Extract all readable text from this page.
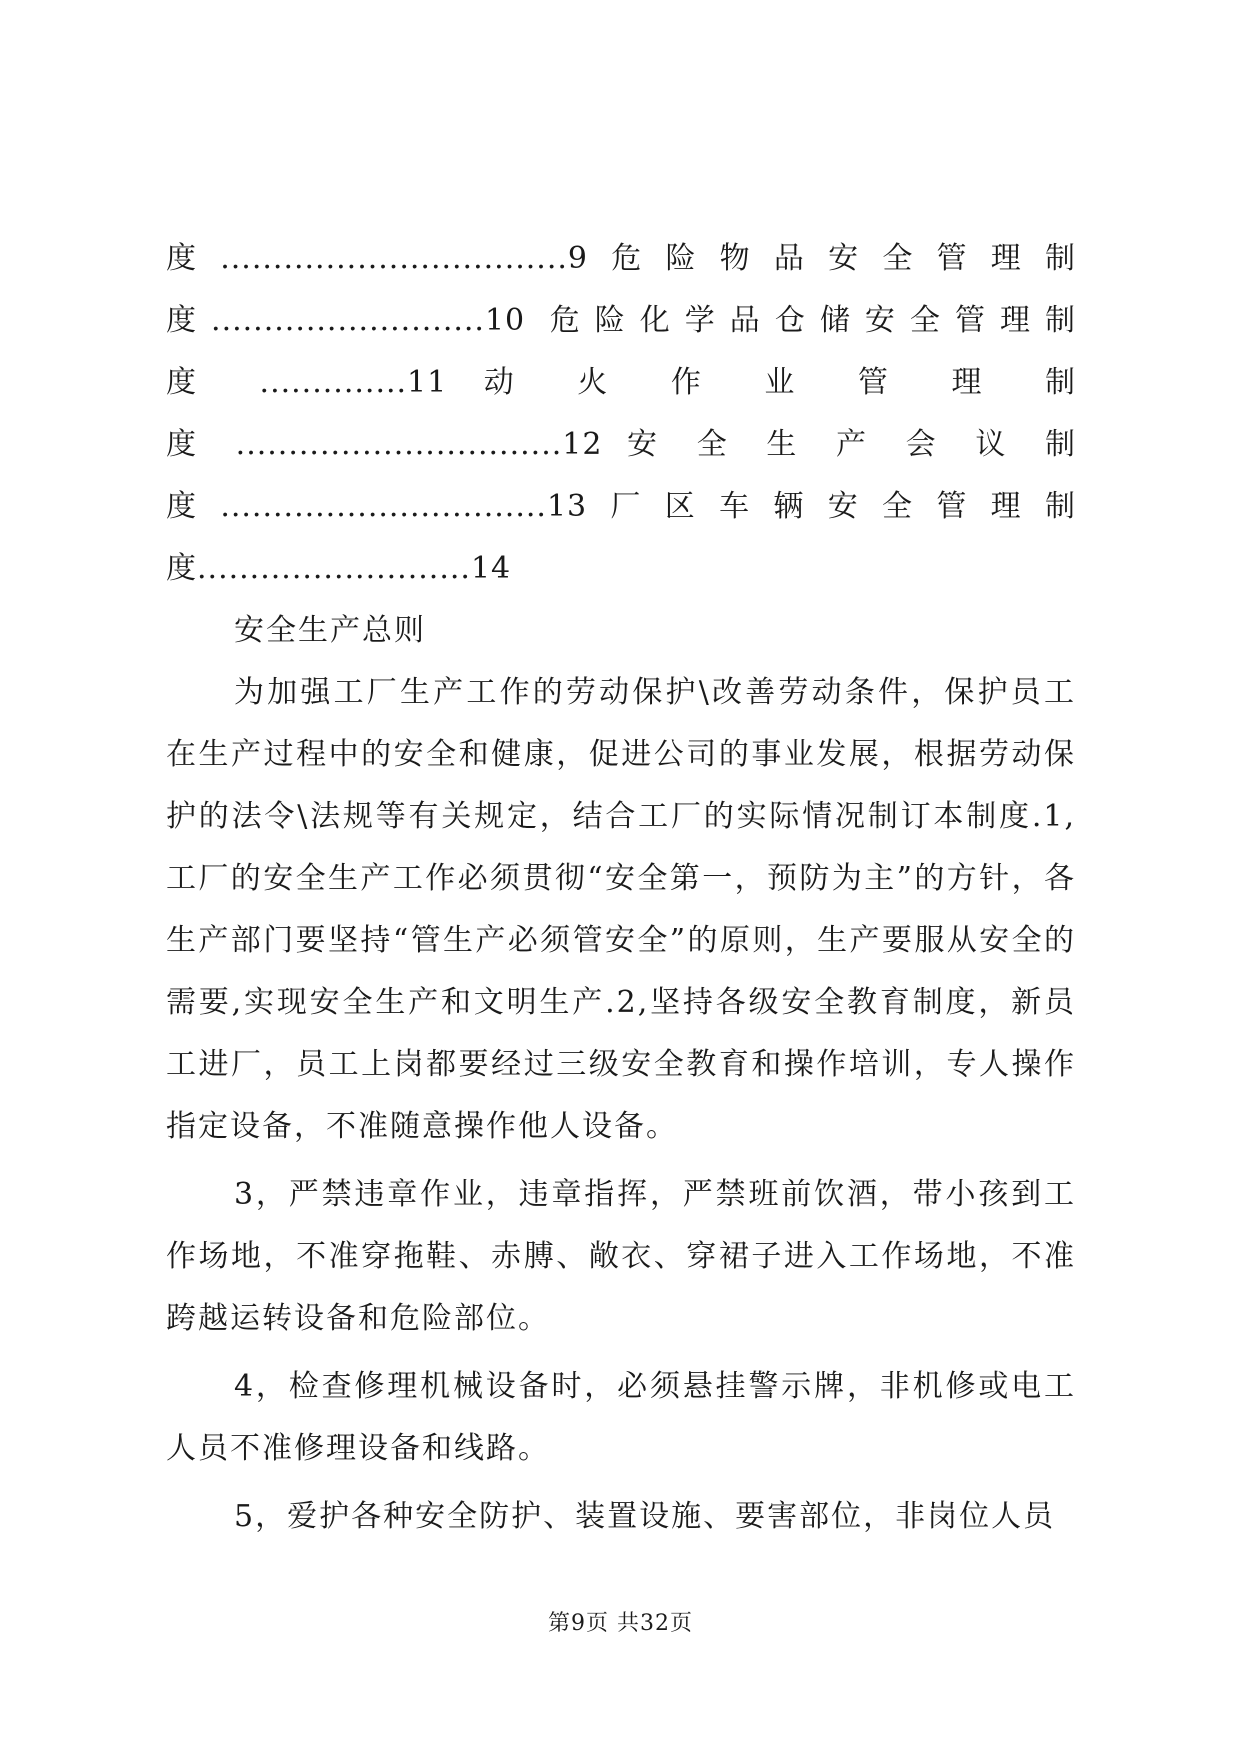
度.................................9危险物品安全管理制
度..........................10 危险化学品仓储安全管理制
度 ..............11 动 火 作 业 管 理 制
度 ...............................12 安 全 生 产 会 议 制
度...............................13厂区车辆安全管理制
度..........................14

安全生产总则

为加强工厂生产工作的劳动保护\改善劳动条件，保护员工在生产过程中的安全和健康，促进公司的事业发展，根据劳动保护的法令\法规等有关规定，结合工厂的实际情况制订本制度.1,工厂的安全生产工作必须贯彻“安全第一，预防为主”的方针，各生产部门要坚持“管生产必须管安全”的原则，生产要服从安全的需要,实现安全生产和文明生产.2,坚持各级安全教育制度，新员工进厂，员工上岗都要经过三级安全教育和操作培训，专人操作指定设备，不准随意操作他人设备。

3，严禁违章作业，违章指挥，严禁班前饮酒，带小孩到工作场地，不准穿拖鞋、赤膊、敞衣、穿裙子进入工作场地，不准跨越运转设备和危险部位。

4，检查修理机械设备时，必须悬挂警示牌，非机修或电工人员不准修理设备和线路。

5，爱护各种安全防护、装置设施、要害部位，非岗位人员

第9页 共32页
